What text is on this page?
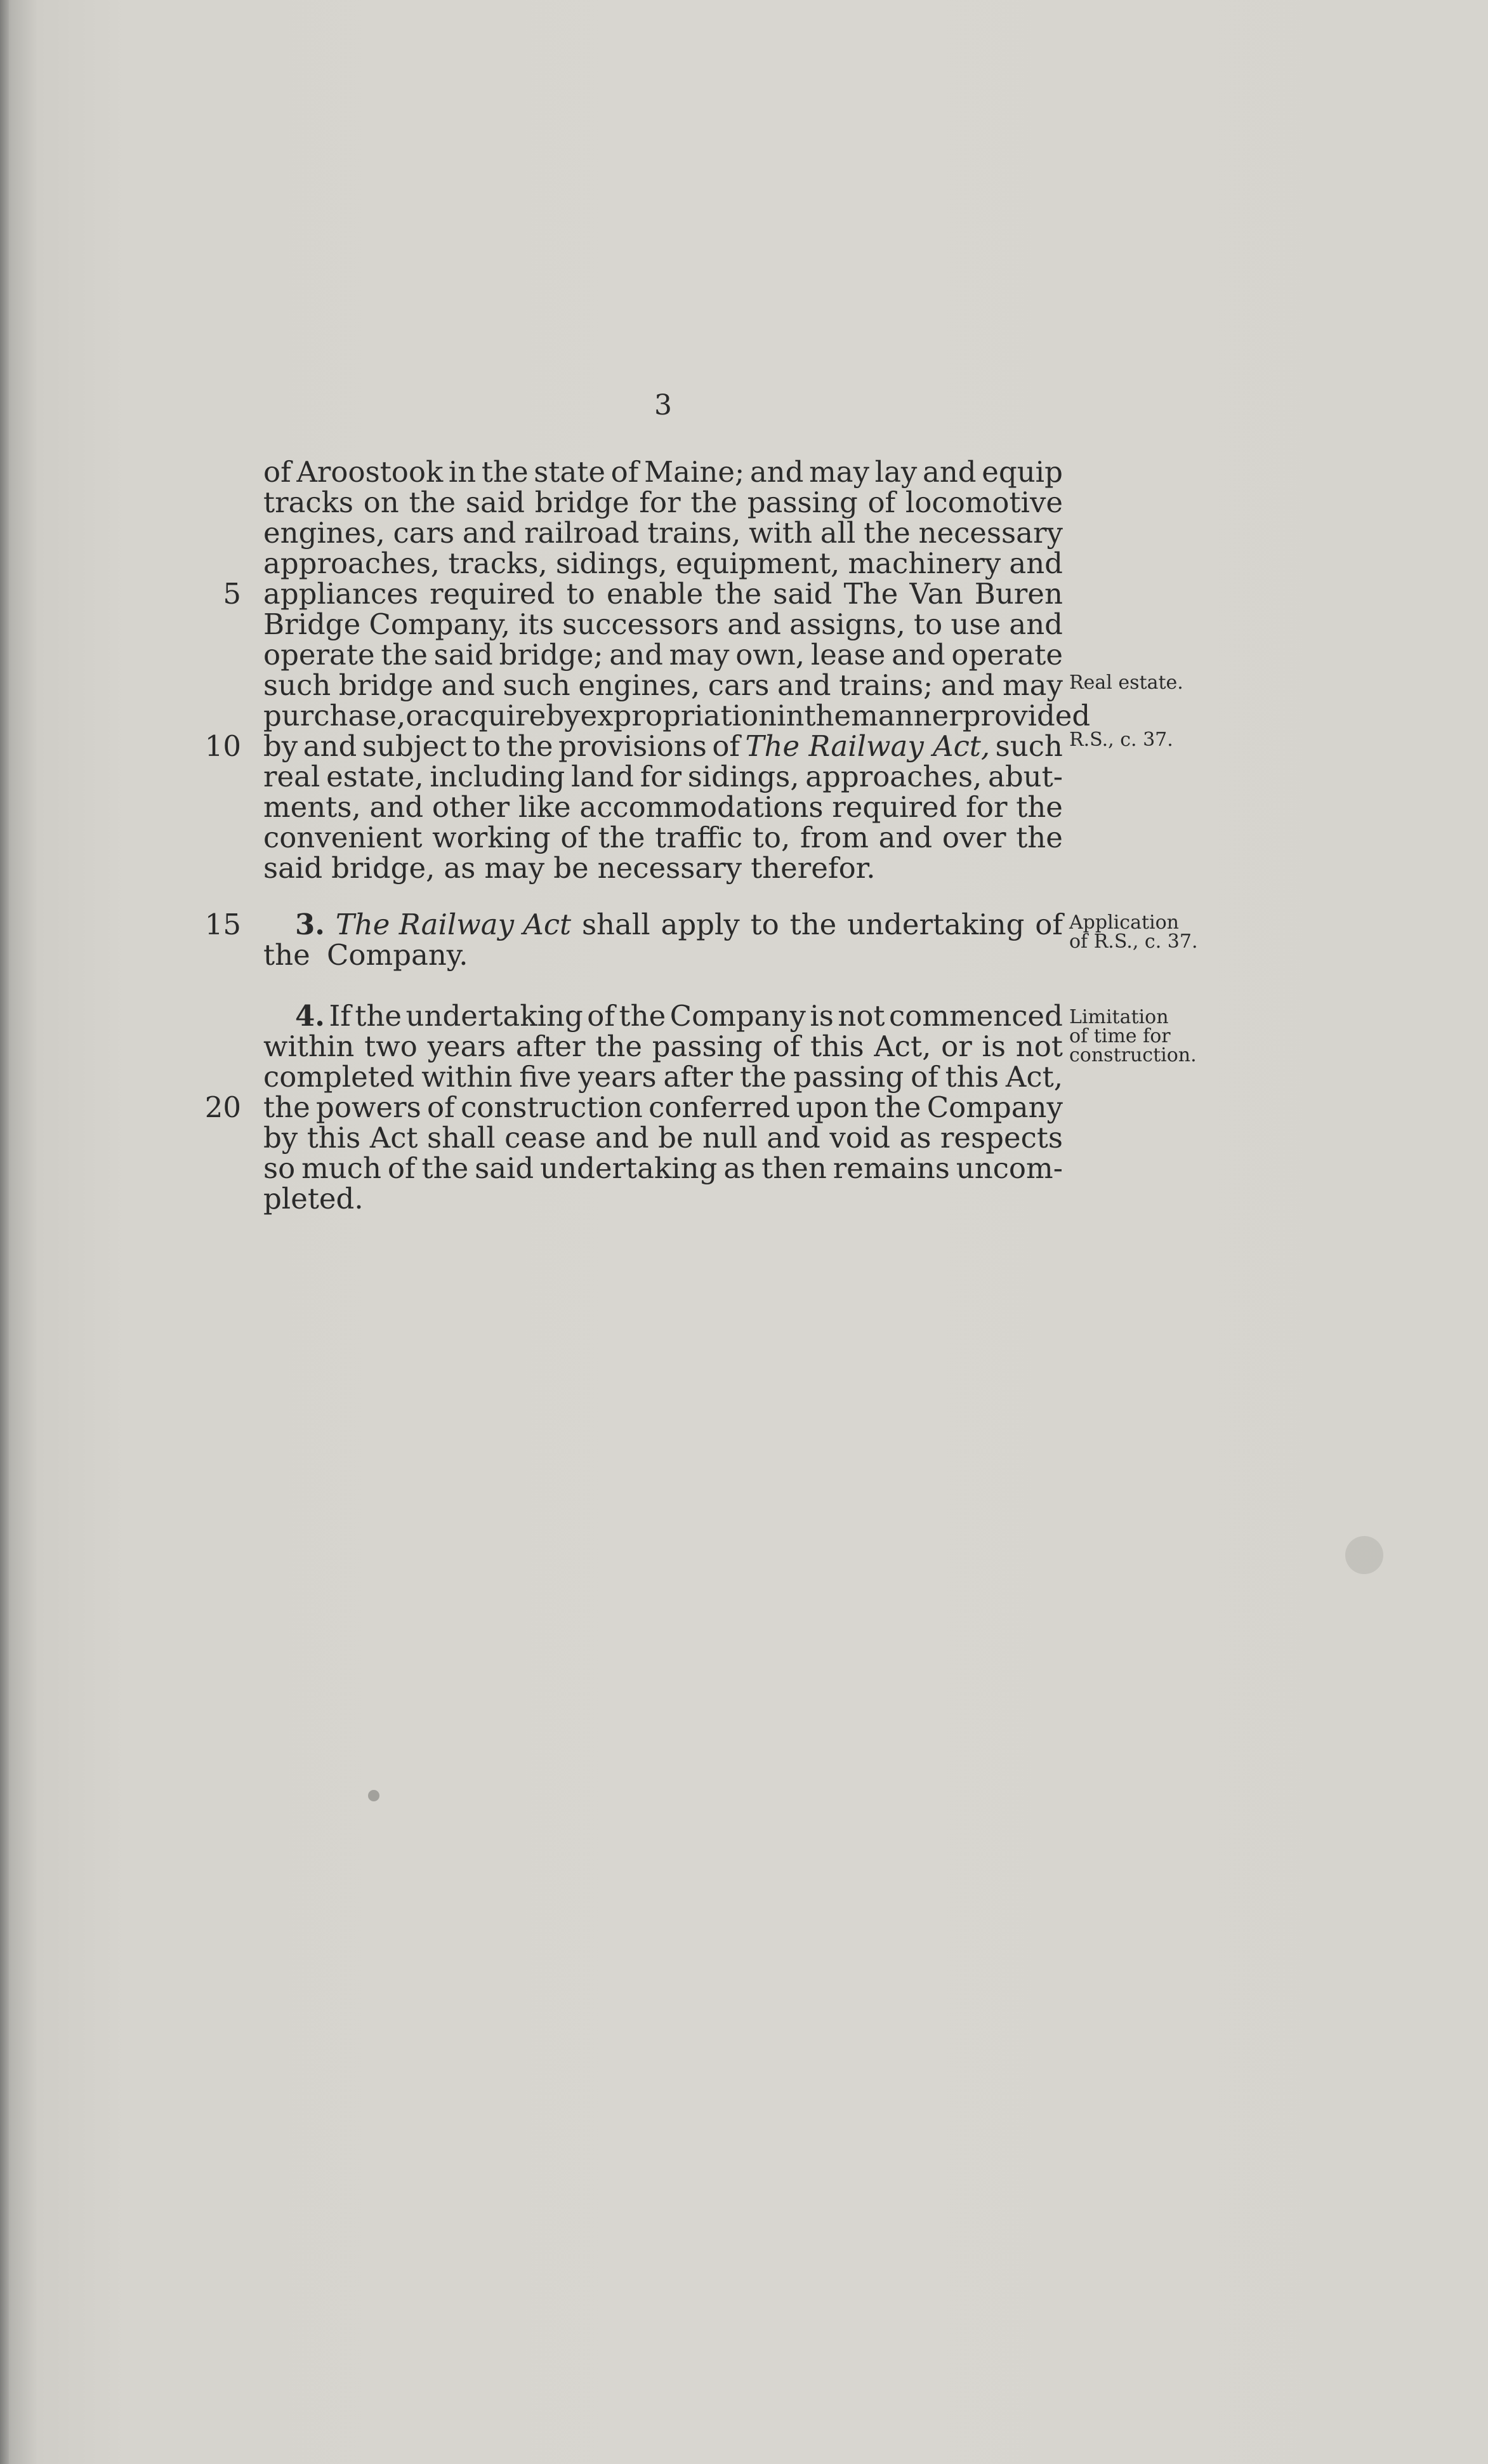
3
of Aroostook in the state of Maine; and may lay and equip
tracks on the said bridge for the passing of locomotive
engines, cars and railroad trains, with all the necessary
approaches, tracks, sidings, equipment, machinery and
5 appliances required to enable the said The Van Buren
Bridge Company, its successors and assigns, to use and
operate the said bridge; and may own, lease and operate
such bridge and such engines, cars and trains; and may
purchase, or acquire by expropriation in the manner provided
10 by and subject to the provisions of The Railway Act, such
real estate, including land for sidings, approaches, abut-
ments, and other like accommodations required for the
convenient working of the traffic to, from and over the
said bridge, as may be necessary therefor.
15 3. The Railway Act shall apply to the undertaking of
the Company.
4. If the undertaking of the Company is not commenced
within two years after the passing of this Act, or is not
completed within five years after the passing of this Act,
20 the powers of construction conferred upon the Company
by this Act shall cease and be null and void as respects
so much of the said undertaking as then remains uncom-
pleted.
Real estate.
R.S., c. 37.
Application
of R.S., c. 37.
Limitation
of time for
construction.
